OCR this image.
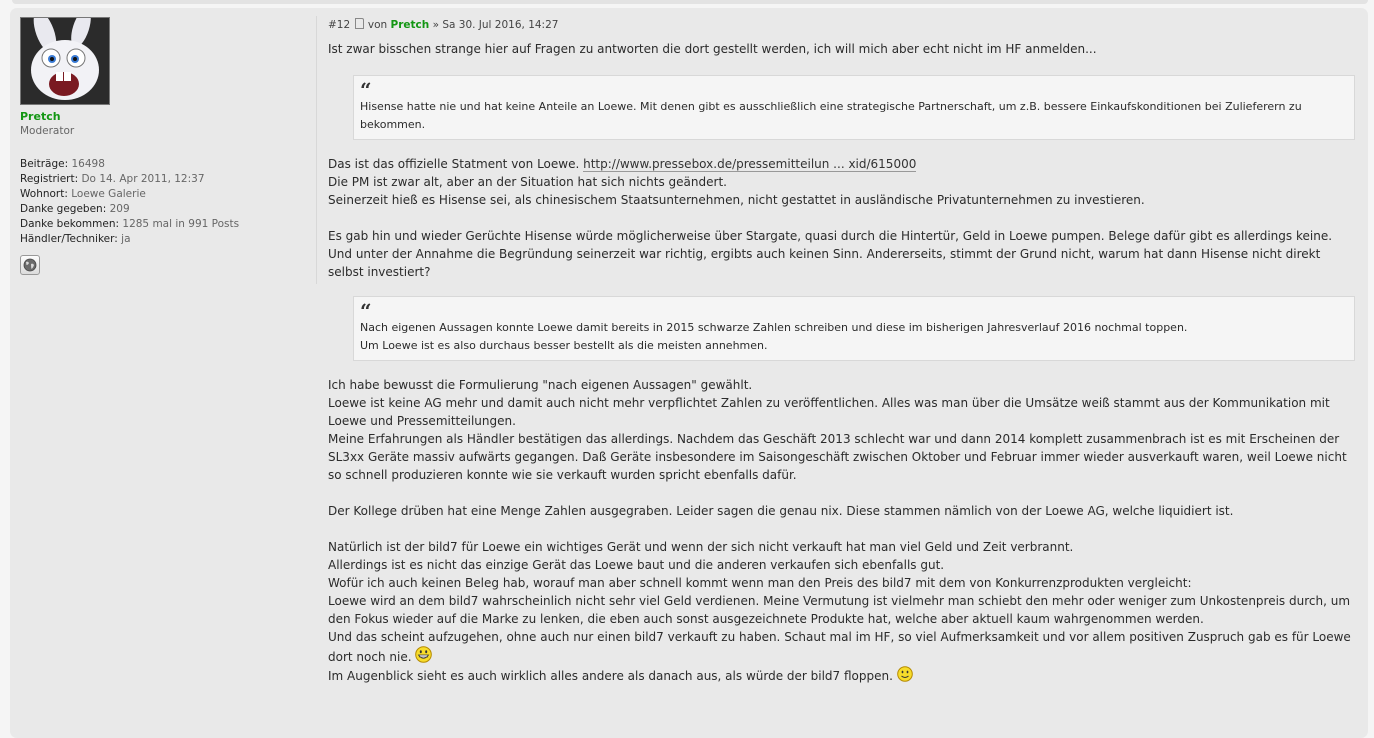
Pretch
Moderator
Beiträge: 16498
Registriert: Do 14. Apr 2011, 12:37
Wohnort: Loewe Galerie
Danke gegeben: 209
Danke bekommen: 1285 mal in 991 Posts
Händler/Techniker: ja
#12 von Pretch » Sa 30. Jul 2016, 14:27

Ist zwar bisschen strange hier auf Fragen zu antworten die dort gestellt werden, ich will mich aber echt nicht im HF anmelden...

“
Hisense hatte nie und hat keine Anteile an Loewe. Mit denen gibt es ausschließlich eine strategische Partnerschaft, um z.B. bessere Einkaufskonditionen bei Zulieferern zu bekommen.

Das ist das offizielle Statment von Loewe. http://www.pressebox.de/pressemitteilun ... xid/615000

Die PM ist zwar alt, aber an der Situation hat sich nichts geändert.

Seinerzeit hieß es Hisense sei, als chinesischem Staatsunternehmen, nicht gestattet in ausländische Privatunternehmen zu investieren.

Es gab hin und wieder Gerüchte Hisense würde möglicherweise über Stargate, quasi durch die Hintertür, Geld in Loewe pumpen. Belege dafür gibt es allerdings keine. Und unter der Annahme die Begründung seinerzeit war richtig, ergibts auch keinen Sinn. Andererseits, stimmt der Grund nicht, warum hat dann Hisense nicht direkt selbst investiert?

“
Nach eigenen Aussagen konnte Loewe damit bereits in 2015 schwarze Zahlen schreiben und diese im bisherigen Jahresverlauf 2016 nochmal toppen.
Um Loewe ist es also durchaus besser bestellt als die meisten annehmen.

Ich habe bewusst die Formulierung "nach eigenen Aussagen" gewählt.

Loewe ist keine AG mehr und damit auch nicht mehr verpflichtet Zahlen zu veröffentlichen. Alles was man über die Umsätze weiß stammt aus der Kommunikation mit Loewe und Pressemitteilungen.

Meine Erfahrungen als Händler bestätigen das allerdings. Nachdem das Geschäft 2013 schlecht war und dann 2014 komplett zusammenbrach ist es mit Erscheinen der SL3xx Geräte massiv aufwärts gegangen. Daß Geräte insbesondere im Saisongeschäft zwischen Oktober und Februar immer wieder ausverkauft waren, weil Loewe nicht so schnell produzieren konnte wie sie verkauft wurden spricht ebenfalls dafür.

Der Kollege drüben hat eine Menge Zahlen ausgegraben. Leider sagen die genau nix. Diese stammen nämlich von der Loewe AG, welche liquidiert ist.

Natürlich ist der bild7 für Loewe ein wichtiges Gerät und wenn der sich nicht verkauft hat man viel Geld und Zeit verbrannt.

Allerdings ist es nicht das einzige Gerät das Loewe baut und die anderen verkaufen sich ebenfalls gut.

Wofür ich auch keinen Beleg hab, worauf man aber schnell kommt wenn man den Preis des bild7 mit dem von Konkurrenzprodukten vergleicht:

Loewe wird an dem bild7 wahrscheinlich nicht sehr viel Geld verdienen. Meine Vermutung ist vielmehr man schiebt den mehr oder weniger zum Unkostenpreis durch, um den Fokus wieder auf die Marke zu lenken, die eben auch sonst ausgezeichnete Produkte hat, welche aber aktuell kaum wahrgenommen werden.

Und das scheint aufzugehen, ohne auch nur einen bild7 verkauft zu haben. Schaut mal im HF, so viel Aufmerksamkeit und vor allem positiven Zuspruch gab es für Loewe dort noch nie.

Im Augenblick sieht es auch wirklich alles andere als danach aus, als würde der bild7 floppen.
